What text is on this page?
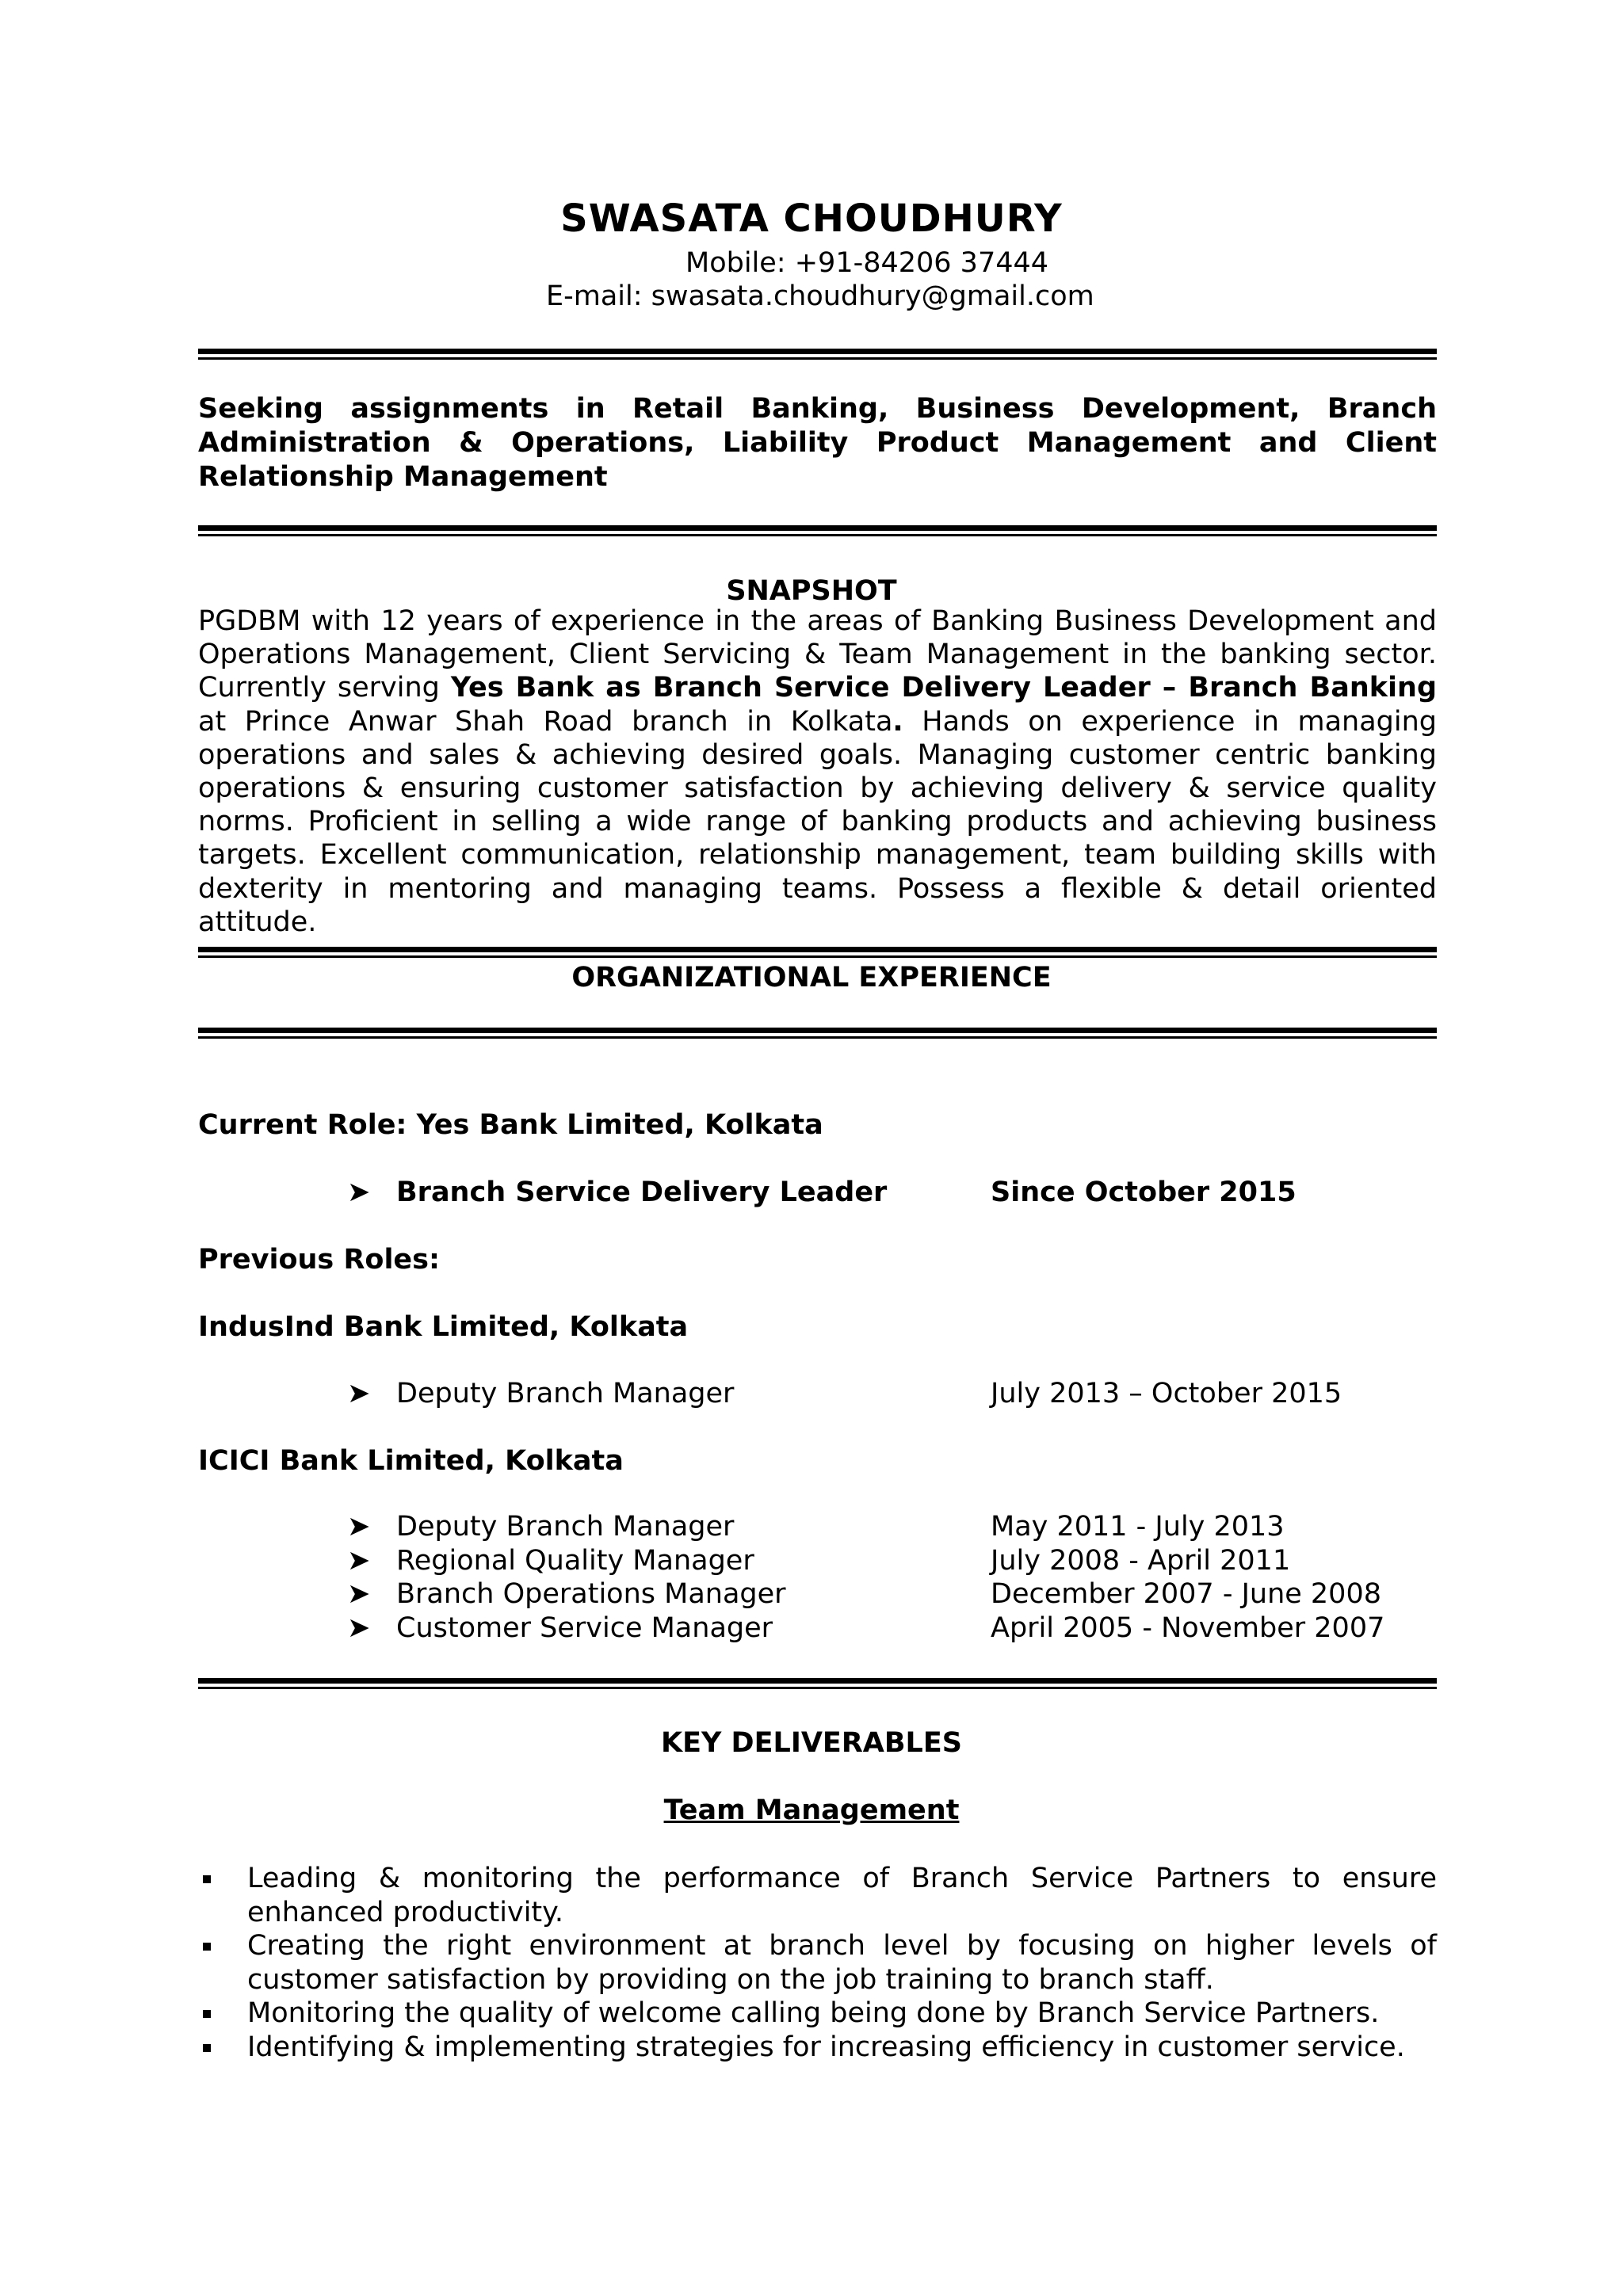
SWASATA CHOUDHURY
Mobile: +91-84206 37444
E-mail: swasata.choudhury@gmail.com
Seeking assignments in Retail Banking, Business Development, Branch Administration & Operations, Liability Product Management and Client Relationship Management
SNAPSHOT

PGDBM with 12 years of experience in the areas of Banking Business Development and Operations Management, Client Servicing & Team Management in the banking sector. Currently serving Yes Bank as Branch Service Delivery Leader – Branch Banking at Prince Anwar Shah Road branch in Kolkata. Hands on experience in managing operations and sales & achieving desired goals. Managing customer centric banking operations & ensuring customer satisfaction by achieving delivery & service quality norms. Proficient in selling a wide range of banking products and achieving business targets. Excellent communication, relationship management, team building skills with dexterity in mentoring and managing teams. Possess a flexible & detail oriented attitude.

ORGANIZATIONAL EXPERIENCE
Current Role: Yes Bank Limited, Kolkata
➤ Branch Service Delivery Leader	Since October 2015
Previous Roles:
IndusInd Bank Limited, Kolkata
➤ Deputy Branch Manager	July 2013 – October 2015
ICICI Bank Limited, Kolkata
➤ Deputy Branch Manager	May 2011 - July 2013
➤ Regional Quality Manager	July 2008 - April 2011
➤ Branch Operations Manager	December 2007 - June 2008
➤ Customer Service Manager	April 2005 - November 2007
KEY DELIVERABLES
Team Management
Leading & monitoring the performance of Branch Service Partners to ensure enhanced productivity.
Creating the right environment at branch level by focusing on higher levels of customer satisfaction by providing on the job training to branch staff.
Monitoring the quality of welcome calling being done by Branch Service Partners.
Identifying & implementing strategies for increasing efficiency in customer service.
